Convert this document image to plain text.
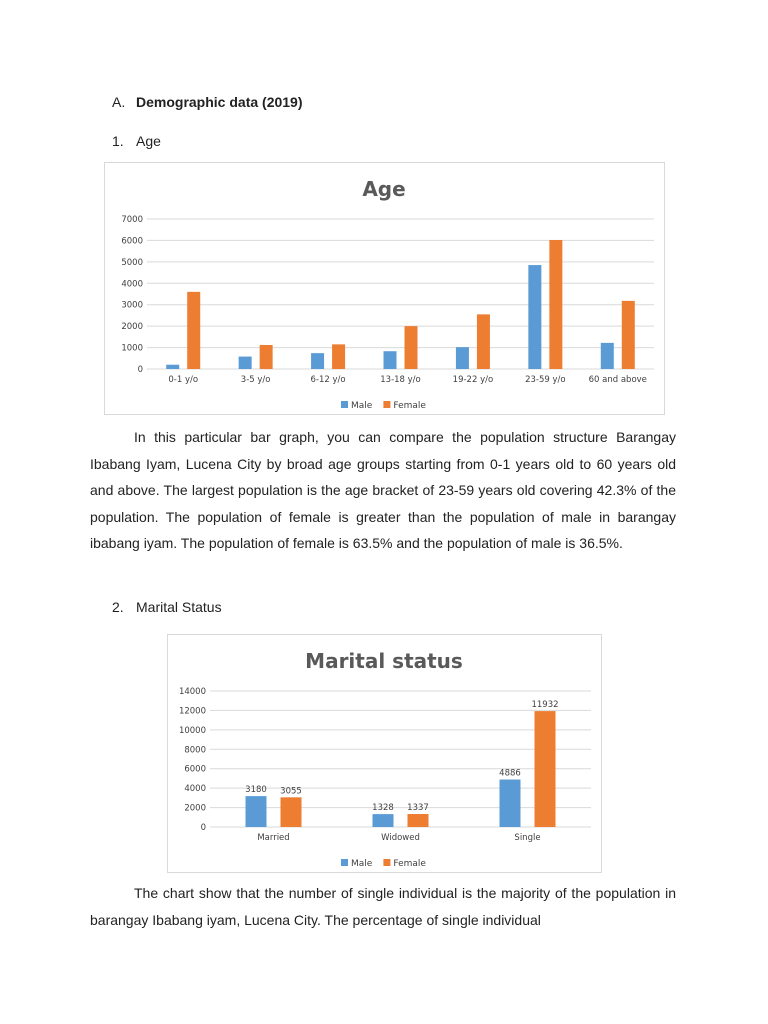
A. Demographic data (2019)
1. Age
Age
0
1000
2000
3000
4000
5000
6000
7000
0-1 y/o	3-5 y/o	6-12 y/o	13-18 y/o	19-22 y/o	23-59 y/o	60 and above
Male Female

In this particular bar graph, you can compare the population structure Barangay Ibabang Iyam, Lucena City by broad age groups starting from 0-1 years old to 60 years old and above. The largest population is the age bracket of 23-59 years old covering 42.3% of the population. The population of female is greater than the population of male in barangay ibabang iyam. The population of female is 63.5% and the population of male is 36.5%.

2. Marital Status
Marital status
0
2000
4000
6000
8000
10000
12000
14000
3180 3055
Married
1328 1337
Widowed
4886
11932
Single
Male Female

The chart show that the number of single individual is the majority of the population in barangay Ibabang iyam, Lucena City. The percentage of single individual
